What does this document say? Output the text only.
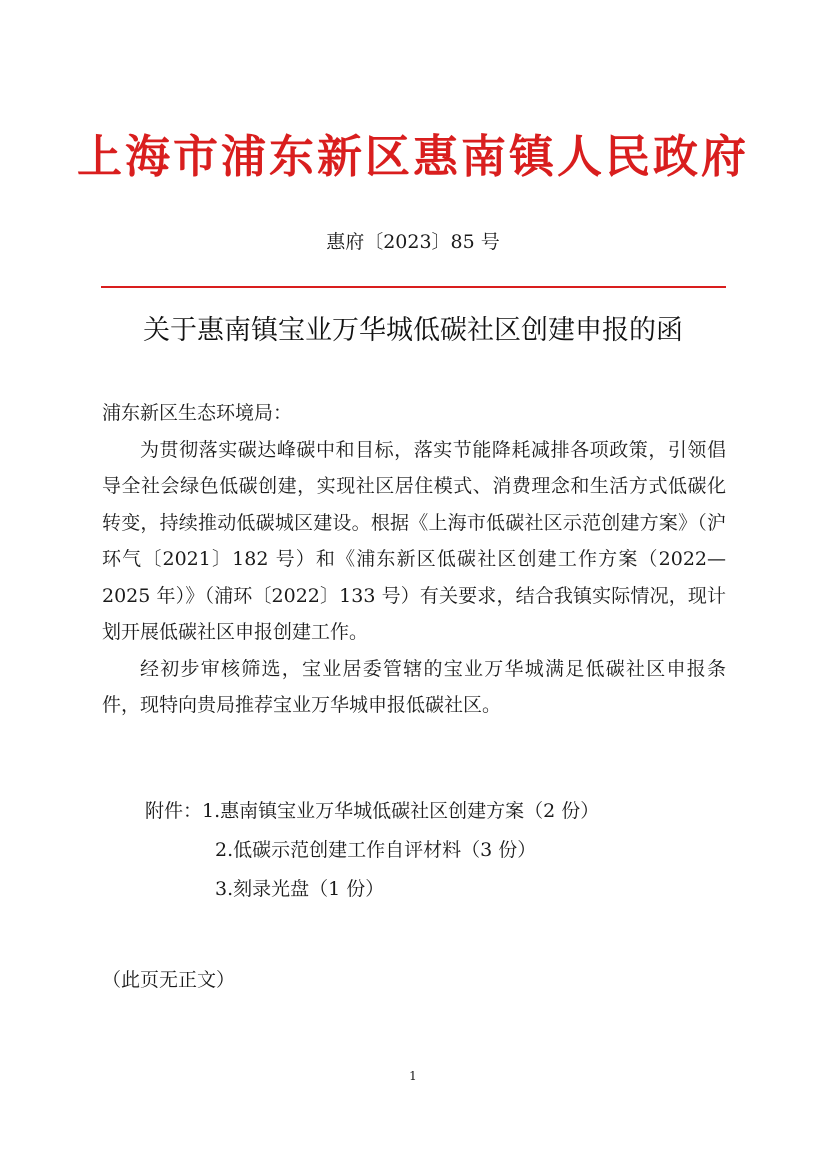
上海市浦东新区惠南镇人民政府
惠府〔2023〕85 号
关于惠南镇宝业万华城低碳社区创建申报的函

浦东新区生态环境局：

为贯彻落实碳达峰碳中和目标，落实节能降耗减排各项政策，引领倡导全社会绿色低碳创建，实现社区居住模式、消费理念和生活方式低碳化转变，持续推动低碳城区建设。根据《上海市低碳社区示范创建方案》（沪环气〔2021〕182 号）和《浦东新区低碳社区创建工作方案（2022—2025 年）》（浦环〔2022〕133 号）有关要求，结合我镇实际情况，现计划开展低碳社区申报创建工作。

经初步审核筛选，宝业居委管辖的宝业万华城满足低碳社区申报条件，现特向贵局推荐宝业万华城申报低碳社区。

附件：1.惠南镇宝业万华城低碳社区创建方案（2 份）
2.低碳示范创建工作自评材料（3 份）
3.刻录光盘（1 份）
（此页无正文）
1
